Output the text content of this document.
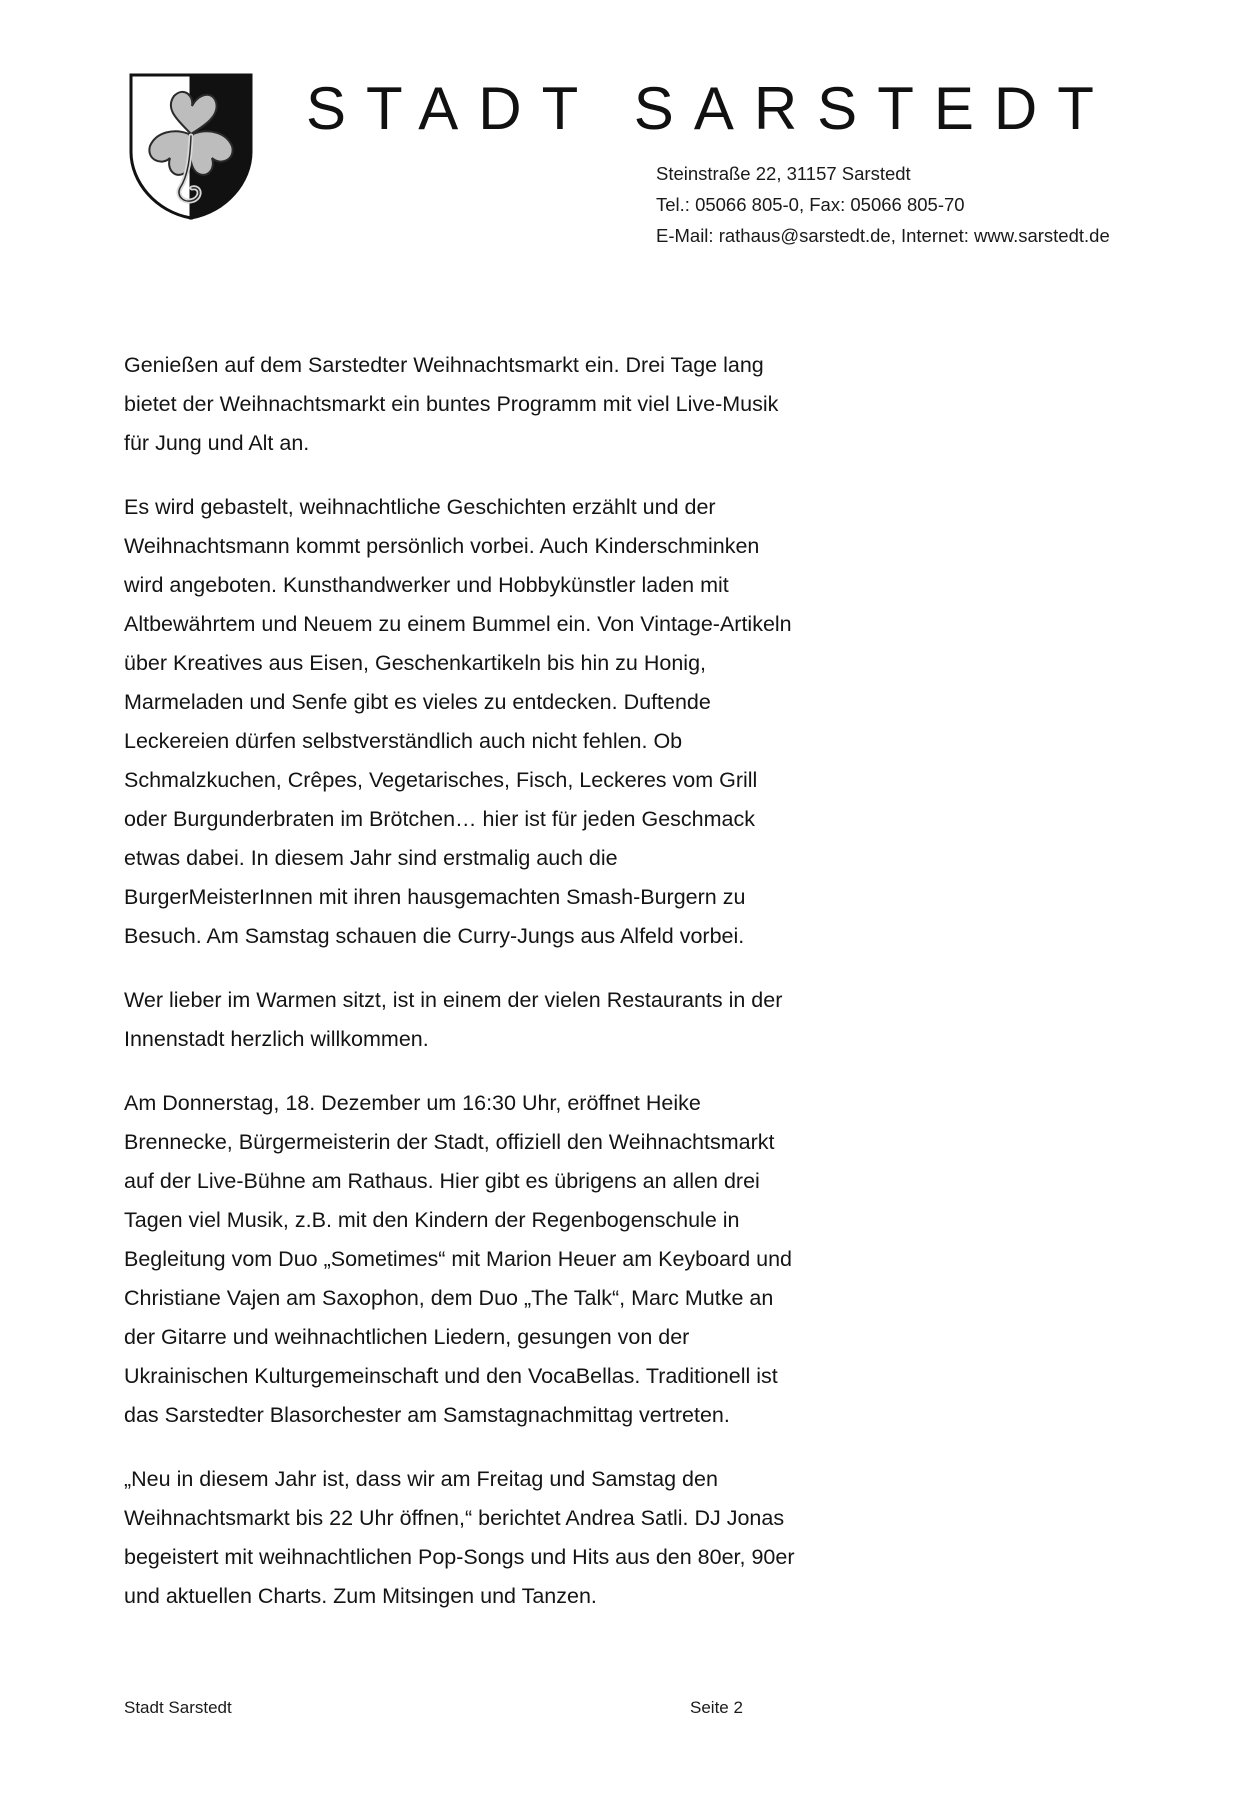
STADT SARSTEDT
Steinstraße 22, 31157 Sarstedt
Tel.: 05066 805-0, Fax: 05066 805-70
E-Mail: rathaus@sarstedt.de, Internet: www.sarstedt.de

Genießen auf dem Sarstedter Weihnachtsmarkt ein. Drei Tage lang bietet der Weihnachtsmarkt ein buntes Programm mit viel Live-Musik für Jung und Alt an.

Es wird gebastelt, weihnachtliche Geschichten erzählt und der Weihnachtsmann kommt persönlich vorbei. Auch Kinderschminken wird angeboten. Kunsthandwerker und Hobbykünstler laden mit Altbewährtem und Neuem zu einem Bummel ein. Von Vintage-Artikeln über Kreatives aus Eisen, Geschenkartikeln bis hin zu Honig, Marmeladen und Senfe gibt es vieles zu entdecken. Duftende Leckereien dürfen selbstverständlich auch nicht fehlen. Ob Schmalzkuchen, Crêpes, Vegetarisches, Fisch, Leckeres vom Grill oder Burgunderbraten im Brötchen… hier ist für jeden Geschmack etwas dabei. In diesem Jahr sind erstmalig auch die BurgerMeisterInnen mit ihren hausgemachten Smash-Burgern zu Besuch. Am Samstag schauen die Curry-Jungs aus Alfeld vorbei.

Wer lieber im Warmen sitzt, ist in einem der vielen Restaurants in der Innenstadt herzlich willkommen.

Am Donnerstag, 18. Dezember um 16:30 Uhr, eröffnet Heike Brennecke, Bürgermeisterin der Stadt, offiziell den Weihnachtsmarkt auf der Live-Bühne am Rathaus. Hier gibt es übrigens an allen drei Tagen viel Musik, z.B. mit den Kindern der Regenbogenschule in Begleitung vom Duo „Sometimes“ mit Marion Heuer am Keyboard und Christiane Vajen am Saxophon, dem Duo „The Talk“, Marc Mutke an der Gitarre und weihnachtlichen Liedern, gesungen von der Ukrainischen Kulturgemeinschaft und den VocaBellas. Traditionell ist das Sarstedter Blasorchester am Samstagnachmittag vertreten.

„Neu in diesem Jahr ist, dass wir am Freitag und Samstag den Weihnachtsmarkt bis 22 Uhr öffnen,“ berichtet Andrea Satli. DJ Jonas begeistert mit weihnachtlichen Pop-Songs und Hits aus den 80er, 90er und aktuellen Charts. Zum Mitsingen und Tanzen.

Stadt Sarstedt	Seite 2
